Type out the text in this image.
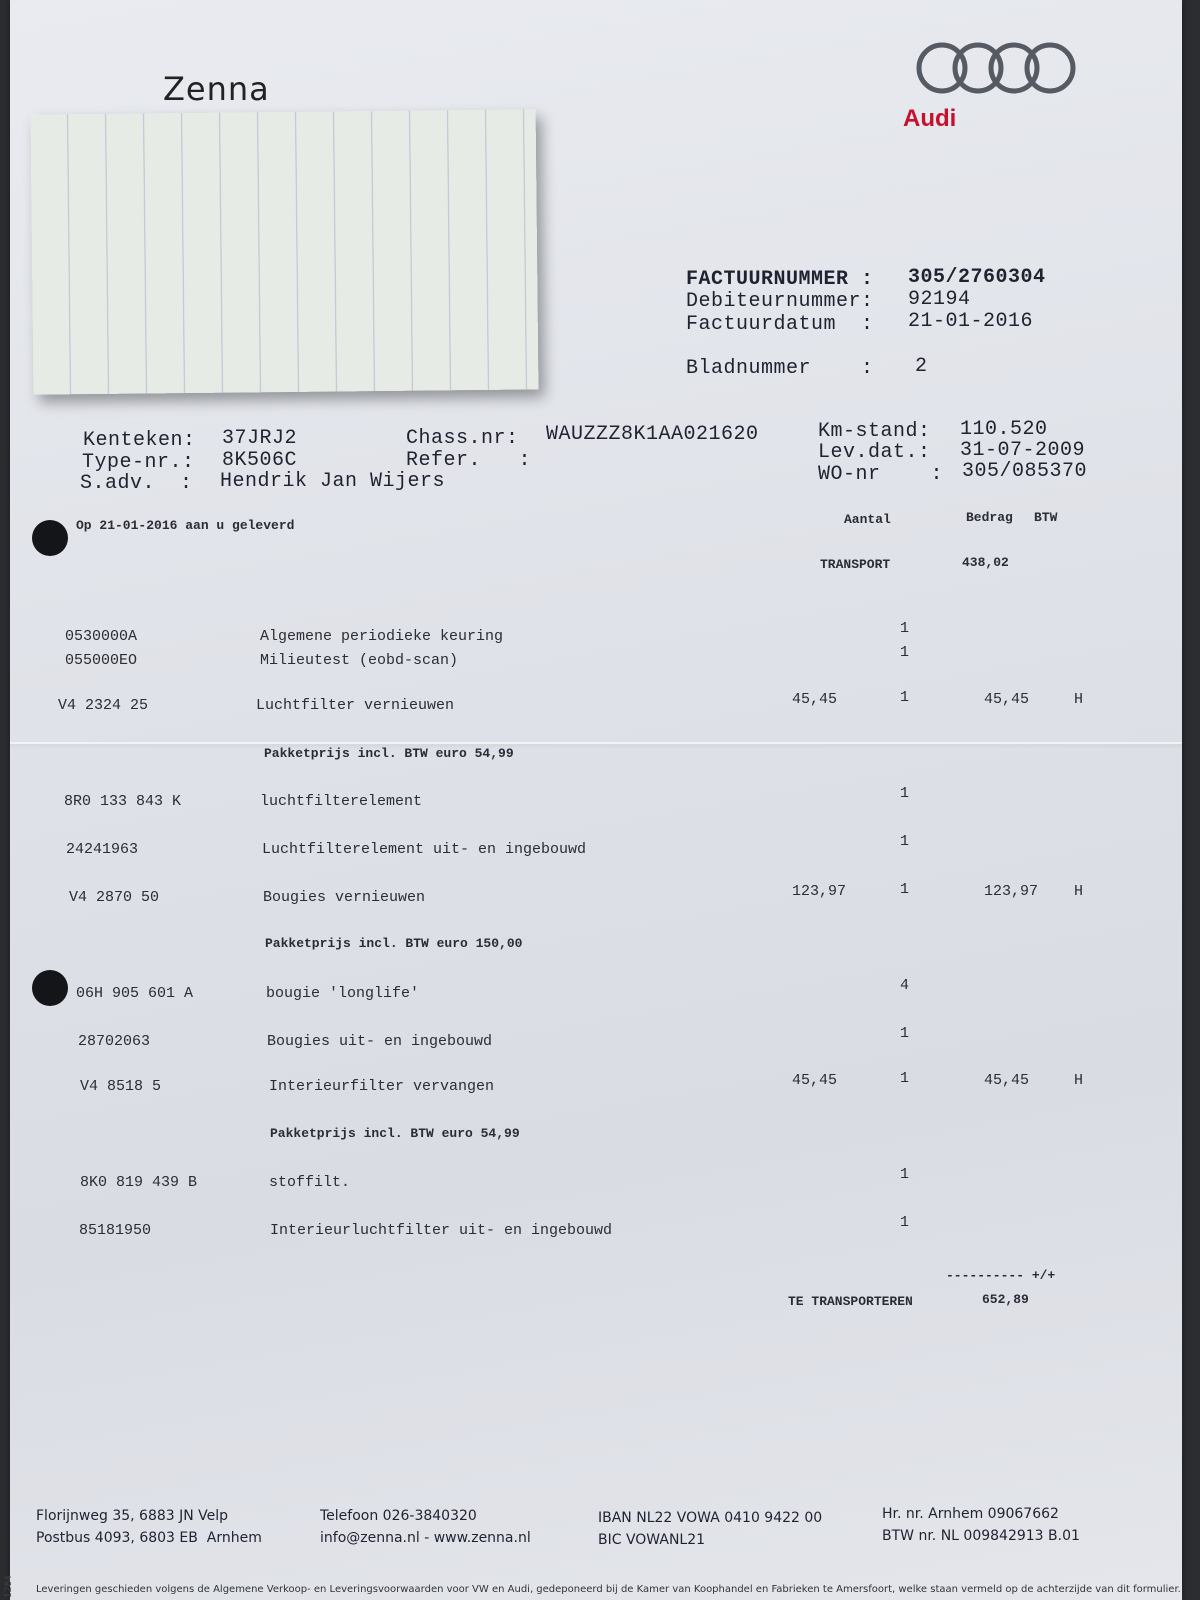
Zenna
Audi
FACTUURNUMMER : 305/2760304
Debiteurnummer: 92194
Factuurdatum  : 21-01-2016
Bladnummer    : 2
Kenteken: 37JRJ2
Type-nr.: 8K506C
S.adv.  : Hendrik Jan Wijers
Chass.nr: WAUZZZ8K1AA021620
Refer.   :
Km-stand: 110.520
Lev.dat.: 31-07-2009
WO-nr    : 305/085370
Op 21-01-2016 aan u geleverd	Aantal	Bedrag BTW
TRANSPORT	438,02
0530000A	Algemene periodieke keuring	1
055000EO	Milieutest (eobd-scan)	1
V4 2324 25	Luchtfilter vernieuwen	45,45	1	45,45	H
Pakketprijs incl. BTW euro 54,99
8R0 133 843 K	luchtfilterelement	1
24241963	Luchtfilterelement uit- en ingebouwd	1
V4 2870 50	Bougies vernieuwen	123,97	1	123,97 H
Pakketprijs incl. BTW euro 150,00
06H 905 601 A	bougie 'longlife'	4
28702063	Bougies uit- en ingebouwd	1
V4 8518 5	Interieurfilter vervangen	45,45	1	45,45	H
Pakketprijs incl. BTW euro 54,99
8K0 819 439 B	stoffilt.	1
85181950	Interieurluchtfilter uit- en ingebouwd	1
---------- +/+
TE TRANSPORTEREN	652,89
Florijnweg 35, 6883 JN Velp
Postbus 4093, 6803 EB  Arnhem
Telefoon 026-3840320
info@zenna.nl - www.zenna.nl
IBAN NL22 VOWA 0410 9422 00
BIC VOWANL21
Hr. nr. Arnhem 09067662
BTW nr. NL 009842913 B.01
Leveringen geschieden volgens de Algemene Verkoop- en Leveringsvoorwaarden voor VW en Audi, gedeponeerd bij de Kamer van Koophandel en Fabrieken te Amersfoort, welke staan vermeld op de achterzijde van dit formulier.
1284
